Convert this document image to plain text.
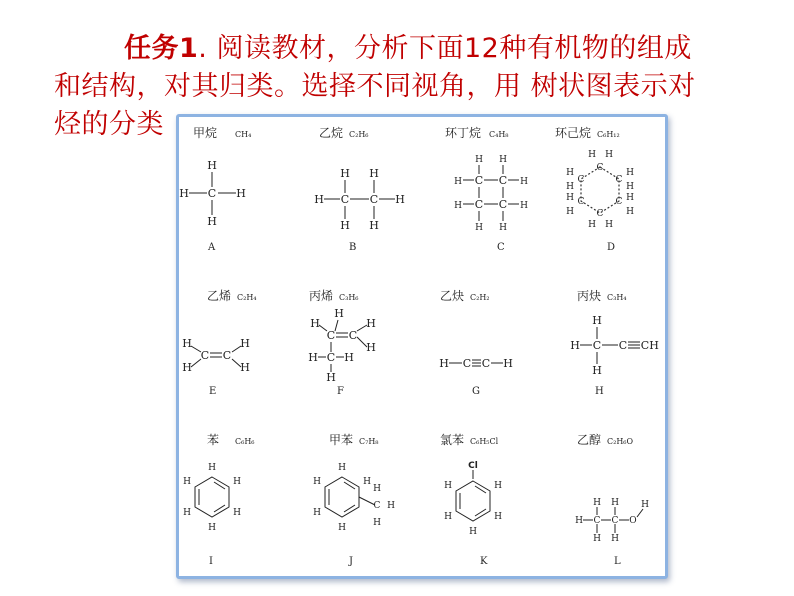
任务1. 阅读教材，分析下面12种有机物的组成
和结构，对其归类。选择不同视角，用 树状图表示对
烃的分类	甲烷 CH₄	乙烷 C₂H₆	环丁烷 C₄H₈	环己烷 C₆H₁₂
C
H
H
H	H
A
C C
H	H
H
H
H
H
B
C C
C C
H H
H H
H
H
H
H
C
C
C
C
C
C
C
H H
H
H
H
H
H H
H
H
H
H
D
乙烯 C₂H₄	丙烯 C₃H₆	乙炔 C₂H₂	丙炔 C₃H₄
C C
H
H
H
H
E
C C
C
H
H
H
H
H H
H
F
H C C H
G
H C C C H
H
H
H
苯 C₆H₆	甲苯 C₇H₈	氯苯 C₆H₅Cl	乙醇 C₂H₆O
H
H
H
H
H
H
I
C
H
H
H
H
H
H
H
H
J
Cl
H
H
H
H
H
K
H C C O
H
H
H
H
H
L
